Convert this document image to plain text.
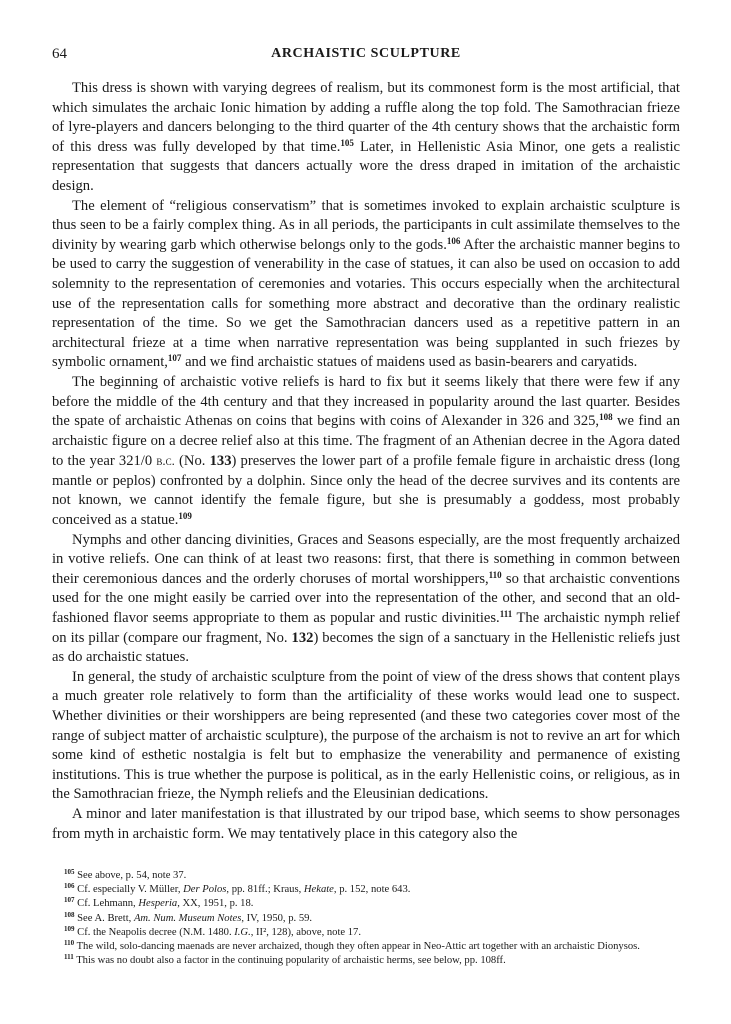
64	ARCHAISTIC SCULPTURE

This dress is shown with varying degrees of realism, but its commonest form is the most artificial, that which simulates the archaic Ionic himation by adding a ruffle along the top fold. The Samothracian frieze of lyre-players and dancers belonging to the third quarter of the 4th century shows that the archaistic form of this dress was fully developed by that time.$^{105}$ Later, in Hellenistic Asia Minor, one gets a realistic representation that suggests that dancers actually wore the dress draped in imitation of the archaistic design.

The element of “religious conservatism” that is sometimes invoked to explain archaistic sculpture is thus seen to be a fairly complex thing. As in all periods, the participants in cult assimilate themselves to the divinity by wearing garb which otherwise belongs only to the gods.$^{106}$ After the archaistic manner begins to be used to carry the suggestion of venerability in the case of statues, it can also be used on occasion to add solemnity to the representation of ceremonies and votaries. This occurs especially when the architectural use of the representation calls for something more abstract and decorative than the ordinary realistic representation of the time. So we get the Samothracian dancers used as a repetitive pattern in an architectural frieze at a time when narrative representation was being supplanted in such friezes by symbolic ornament,$^{107}$ and we find archaistic statues of maidens used as basin-bearers and caryatids.

The beginning of archaistic votive reliefs is hard to fix but it seems likely that there were few if any before the middle of the 4th century and that they increased in popularity around the last quarter. Besides the spate of archaistic Athenas on coins that begins with coins of Alexander in 326 and 325,$^{108}$ we find an archaistic figure on a decree relief also at this time. The fragment of an Athenian decree in the Agora dated to the year 321/0 b.c. (No. 133) preserves the lower part of a profile female figure in archaistic dress (long mantle or peplos) confronted by a dolphin. Since only the head of the decree survives and its contents are not known, we cannot identify the female figure, but she is presumably a goddess, most probably conceived as a statue.$^{109}$

Nymphs and other dancing divinities, Graces and Seasons especially, are the most frequently archaized in votive reliefs. One can think of at least two reasons: first, that there is something in common between their ceremonious dances and the orderly choruses of mortal worshippers,$^{110}$ so that archaistic conventions used for the one might easily be carried over into the representation of the other, and second that an old-fashioned flavor seems appropriate to them as popular and rustic divinities.$^{111}$ The archaistic nymph relief on its pillar (compare our fragment, No. 132) becomes the sign of a sanctuary in the Hellenistic reliefs just as do archaistic statues.

In general, the study of archaistic sculpture from the point of view of the dress shows that content plays a much greater role relatively to form than the artificiality of these works would lead one to suspect. Whether divinities or their worshippers are being represented (and these two categories cover most of the range of subject matter of archaistic sculpture), the purpose of the archaism is not to revive an art for which some kind of esthetic nostalgia is felt but to emphasize the venerability and permanence of existing institutions. This is true whether the purpose is political, as in the early Hellenistic coins, or religious, as in the Samothracian frieze, the Nymph reliefs and the Eleusinian dedications.

A minor and later manifestation is that illustrated by our tripod base, which seems to show personages from myth in archaistic form. We may tentatively place in this category also the

$^{105}$ See above, p. 54, note 37.

$^{106}$ Cf. especially V. Müller, Der Polos, pp. 81ff.; Kraus, Hekate, p. 152, note 643.

$^{107}$ Cf. Lehmann, Hesperia, XX, 1951, p. 18.

$^{108}$ See A. Brett, Am. Num. Museum Notes, IV, 1950, p. 59.

$^{109}$ Cf. the Neapolis decree (N.M. 1480. I.G., II², 128), above, note 17.

$^{110}$ The wild, solo-dancing maenads are never archaized, though they often appear in Neo-Attic art together with an archaistic Dionysos.

$^{111}$ This was no doubt also a factor in the continuing popularity of archaistic herms, see below, pp. 108ff.
